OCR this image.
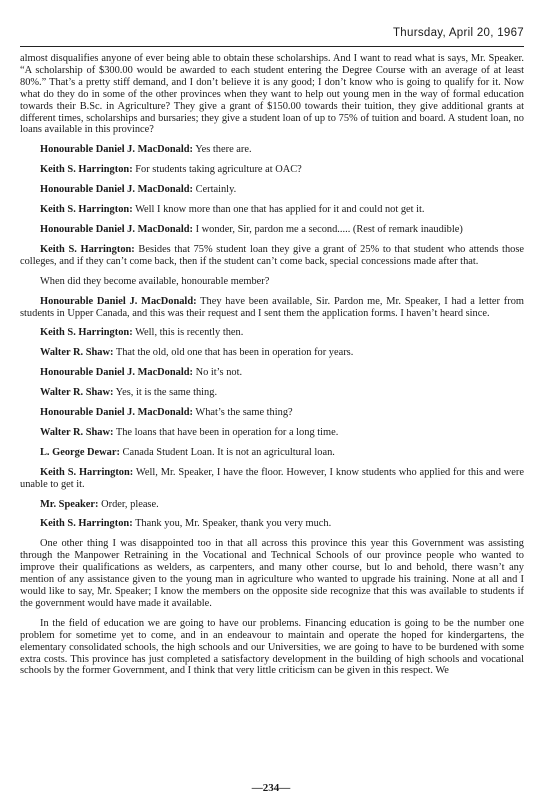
Thursday, April 20, 1967

almost disqualifies anyone of ever being able to obtain these scholarships. And I want to read what is says, Mr. Speaker. “A scholarship of $300.00 would be awarded to each student entering the Degree Course with an average of at least 80%.” That’s a pretty stiff demand, and I don’t believe it is any good; I don’t know who is going to qualify for it. Now what do they do in some of the other provinces when they want to help out young men in the way of formal education towards their B.Sc. in Agriculture? They give a grant of $150.00 towards their tuition, they give additional grants at different times, scholarships and bursaries; they give a student loan of up to 75% of tuition and board. A student loan, no loans available in this province?

Honourable Daniel J. MacDonald: Yes there are.

Keith S. Harrington: For students taking agriculture at OAC?

Honourable Daniel J. MacDonald: Certainly.

Keith S. Harrington: Well I know more than one that has applied for it and could not get it.

Honourable Daniel J. MacDonald: I wonder, Sir, pardon me a second..... (Rest of remark inaudible)

Keith S. Harrington: Besides that 75% student loan they give a grant of 25% to that student who attends those colleges, and if they can’t come back, then if the student can’t come back, special concessions made after that.

When did they become available, honourable member?

Honourable Daniel J. MacDonald: They have been available, Sir. Pardon me, Mr. Speaker, I had a letter from students in Upper Canada, and this was their request and I sent them the application forms. I haven’t heard since.

Keith S. Harrington: Well, this is recently then.

Walter R. Shaw: That the old, old one that has been in operation for years.

Honourable Daniel J. MacDonald: No it’s not.

Walter R. Shaw: Yes, it is the same thing.

Honourable Daniel J. MacDonald: What’s the same thing?

Walter R. Shaw: The loans that have been in operation for a long time.

L. George Dewar: Canada Student Loan. It is not an agricultural loan.

Keith S. Harrington: Well, Mr. Speaker, I have the floor. However, I know students who applied for this and were unable to get it.

Mr. Speaker: Order, please.

Keith S. Harrington: Thank you, Mr. Speaker, thank you very much.

One other thing I was disappointed too in that all across this province this year this Government was assisting through the Manpower Retraining in the Vocational and Technical Schools of our province people who wanted to improve their qualifications as welders, as carpenters, and many other course, but lo and behold, there wasn’t any mention of any assistance given to the young man in agriculture who wanted to upgrade his training. None at all and I would like to say, Mr. Speaker; I know the members on the opposite side recognize that this was available to students if the government would have made it available.

In the field of education we are going to have our problems. Financing education is going to be the number one problem for sometime yet to come, and in an endeavour to maintain and operate the hoped for kindergartens, the elementary consolidated schools, the high schools and our Universities, we are going to have to be burdened with some extra costs. This province has just completed a satisfactory development in the building of high schools and vocational schools by the former Government, and I think that very little criticism can be given in this respect. We

—234—
